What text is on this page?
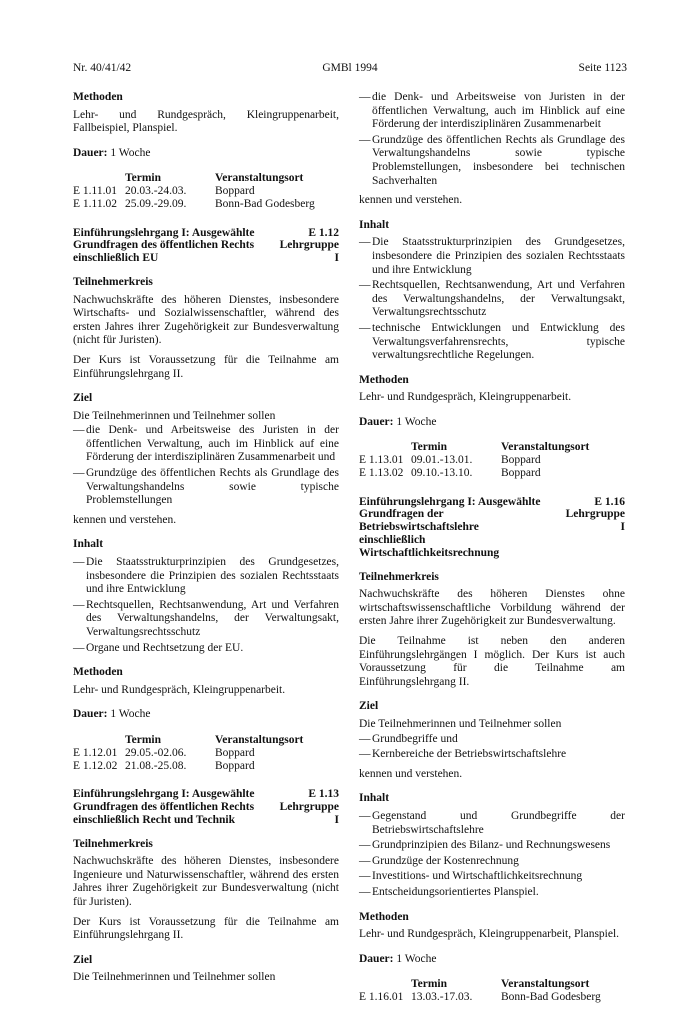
Nr. 40/41/42	GMBl 1994	Seite 1123
Methoden

Lehr- und Rundgespräch, Kleingruppenarbeit, Fallbeispiel, Planspiel.

Dauer: 1 Woche

	Termin	Veranstaltungsort
E 1.11.01	20.03.-24.03.	Boppard
E 1.11.02	25.09.-29.09.	Bonn-Bad Godesberg
Einführungslehrgang I: Ausgewählte
Grundfragen des öffentlichen Rechts
einschließlich EU
E 1.12
Lehrgruppe I
Teilnehmerkreis

Nachwuchskräfte des höheren Dienstes, insbesondere Wirtschafts- und Sozialwissenschaftler, während des ersten Jahres ihrer Zugehörigkeit zur Bundesverwaltung (nicht für Juristen).

Der Kurs ist Voraussetzung für die Teilnahme am Einführungslehrgang II.

Ziel

Die Teilnehmerinnen und Teilnehmer sollen

— die Denk- und Arbeitsweise des Juristen in der öffentlichen Verwaltung, auch im Hinblick auf eine Förderung der interdisziplinären Zusammenarbeit und
— Grundzüge des öffentlichen Rechts als Grundlage des Verwaltungshandelns sowie typische Problemstellungen

kennen und verstehen.

Inhalt
— Die Staatsstrukturprinzipien des Grundgesetzes, insbesondere die Prinzipien des sozialen Rechtsstaats und ihre Entwicklung
— Rechtsquellen, Rechtsanwendung, Art und Verfahren des Verwaltungshandelns, der Verwaltungsakt, Verwaltungsrechtsschutz
— Organe und Rechtsetzung der EU.
Methoden

Lehr- und Rundgespräch, Kleingruppenarbeit.

Dauer: 1 Woche

	Termin	Veranstaltungsort
E 1.12.01	29.05.-02.06.	Boppard
E 1.12.02	21.08.-25.08.	Boppard
Einführungslehrgang I: Ausgewählte
Grundfragen des öffentlichen Rechts
einschließlich Recht und Technik
E 1.13
Lehrgruppe I
Teilnehmerkreis

Nachwuchskräfte des höheren Dienstes, insbesondere Ingenieure und Naturwissenschaftler, während des ersten Jahres ihrer Zugehörigkeit zur Bundesverwaltung (nicht für Juristen).

Der Kurs ist Voraussetzung für die Teilnahme am Einführungslehrgang II.

Ziel

Die Teilnehmerinnen und Teilnehmer sollen

— die Denk- und Arbeitsweise von Juristen in der öffentlichen Verwaltung, auch im Hinblick auf eine Förderung der interdisziplinären Zusammenarbeit
— Grundzüge des öffentlichen Rechts als Grundlage des Verwaltungshandelns sowie typische Problemstellungen, insbesondere bei technischen Sachverhalten

kennen und verstehen.

Inhalt
— Die Staatsstrukturprinzipien des Grundgesetzes, insbesondere die Prinzipien des sozialen Rechtsstaats und ihre Entwicklung
— Rechtsquellen, Rechtsanwendung, Art und Verfahren des Verwaltungshandelns, der Verwaltungsakt, Verwaltungsrechtsschutz
— technische Entwicklungen und Entwicklung des Verwaltungsverfahrensrechts, typische verwaltungsrechtliche Regelungen.
Methoden

Lehr- und Rundgespräch, Kleingruppenarbeit.

Dauer: 1 Woche

	Termin	Veranstaltungsort
E 1.13.01	09.01.-13.01.	Boppard
E 1.13.02	09.10.-13.10.	Boppard
Einführungslehrgang I: Ausgewählte
Grundfragen der Betriebswirtschaftslehre
einschließlich Wirtschaftlichkeitsrechnung
E 1.16
Lehrgruppe I
Teilnehmerkreis

Nachwuchskräfte des höheren Dienstes ohne wirtschaftswissenschaftliche Vorbildung während der ersten Jahre ihrer Zugehörigkeit zur Bundesverwaltung.

Die Teilnahme ist neben den anderen Einführungslehrgängen I möglich. Der Kurs ist auch Voraussetzung für die Teilnahme am Einführungslehrgang II.

Ziel

Die Teilnehmerinnen und Teilnehmer sollen

— Grundbegriffe und
— Kernbereiche der Betriebswirtschaftslehre

kennen und verstehen.

Inhalt
— Gegenstand und Grundbegriffe der Betriebswirtschaftslehre
— Grundprinzipien des Bilanz- und Rechnungswesens
— Grundzüge der Kostenrechnung
— Investitions- und Wirtschaftlichkeitsrechnung
— Entscheidungsorientiertes Planspiel.
Methoden

Lehr- und Rundgespräch, Kleingruppenarbeit, Planspiel.

Dauer: 1 Woche

	Termin	Veranstaltungsort
E 1.16.01	13.03.-17.03.	Bonn-Bad Godesberg
